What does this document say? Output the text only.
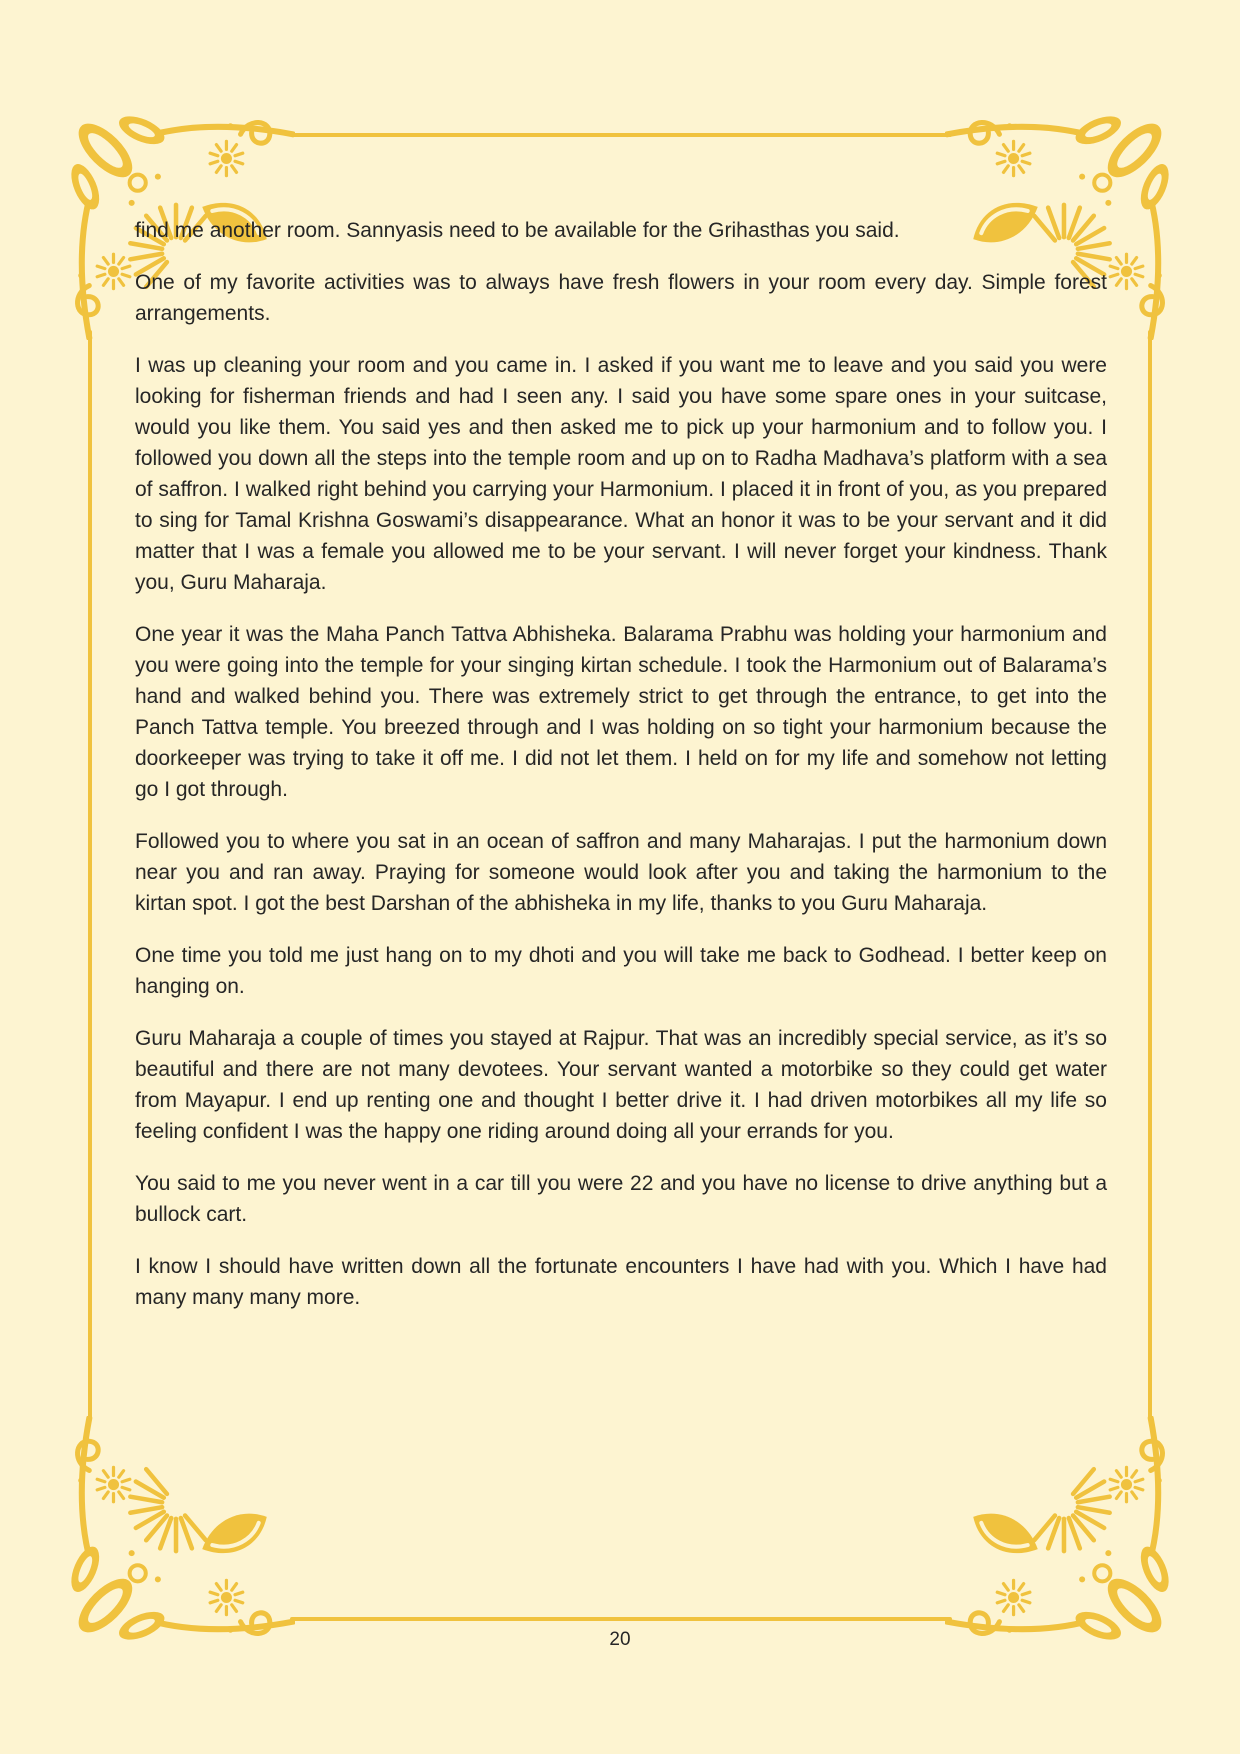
find me another room. Sannyasis need to be available for the Grihasthas you said.

One of my favorite activities was to always have fresh flowers in your room every day. Simple forest arrangements.

I was up cleaning your room and you came in. I asked if you want me to leave and you said you were looking for fisherman friends and had I seen any. I said you have some spare ones in your suitcase, would you like them. You said yes and then asked me to pick up your harmonium and to follow you. I followed you down all the steps into the temple room and up on to Radha Madhava’s platform with a sea of saffron. I walked right behind you carrying your Harmonium. I placed it in front of you, as you prepared to sing for Tamal Krishna Goswami’s disappearance. What an honor it was to be your servant and it did matter that I was a female you allowed me to be your servant. I will never forget your kindness. Thank you, Guru Maharaja.

One year it was the Maha Panch Tattva Abhisheka. Balarama Prabhu was holding your harmonium and you were going into the temple for your singing kirtan schedule. I took the Harmonium out of Balarama’s hand and walked behind you. There was extremely strict to get through the entrance, to get into the Panch Tattva temple. You breezed through and I was holding on so tight your harmonium because the doorkeeper was trying to take it off me. I did not let them. I held on for my life and somehow not letting go I got through.

Followed you to where you sat in an ocean of saffron and many Maharajas. I put the harmonium down near you and ran away. Praying for someone would look after you and taking the harmonium to the kirtan spot. I got the best Darshan of the abhisheka in my life, thanks to you Guru Maharaja.

One time you told me just hang on to my dhoti and you will take me back to Godhead. I better keep on hanging on.

Guru Maharaja a couple of times you stayed at Rajpur. That was an incredibly special service, as it’s so beautiful and there are not many devotees. Your servant wanted a motorbike so they could get water from Mayapur. I end up renting one and thought I better drive it. I had driven motorbikes all my life so feeling confident I was the happy one riding around doing all your errands for you.

You said to me you never went in a car till you were 22 and you have no license to drive anything but a bullock cart.

I know I should have written down all the fortunate encounters I have had with you. Which I have had many many many more.

20
